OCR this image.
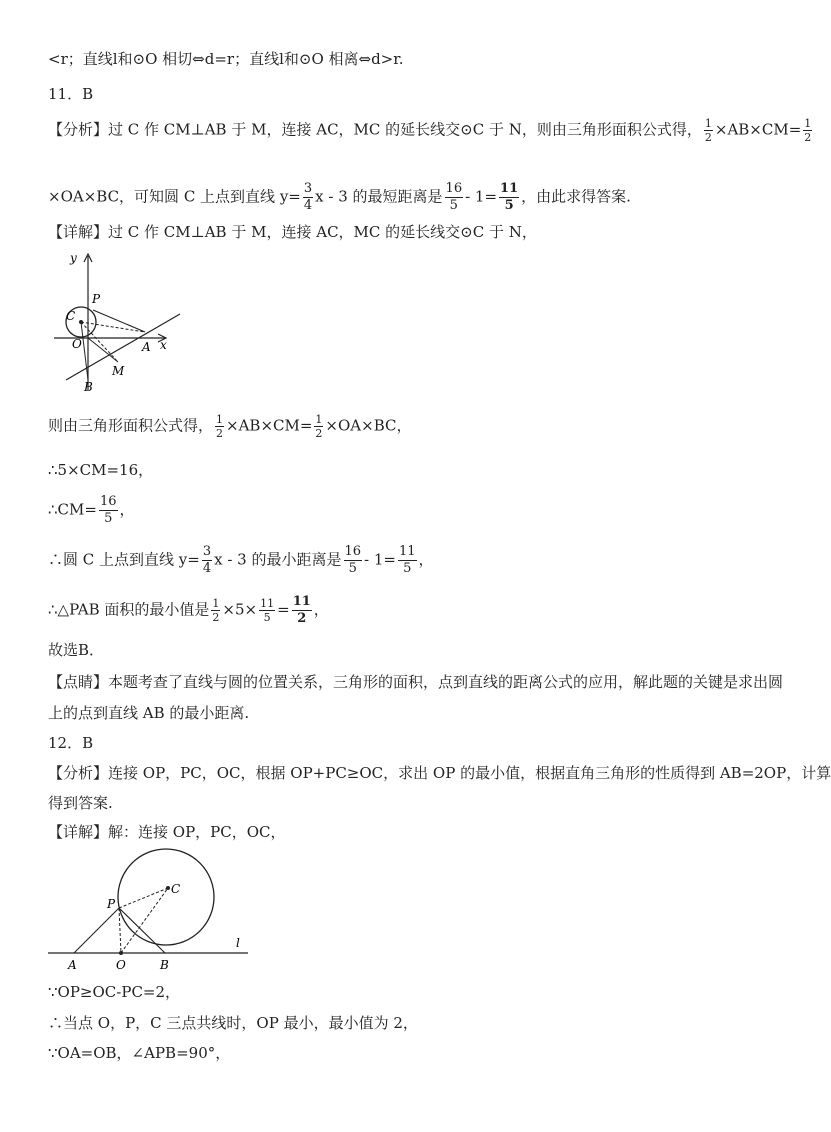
<r；直线l和⊙O 相切⇔d=r；直线l和⊙O 相离⇔d>r.
11．B
【分析】过 C 作 CM⊥AB 于 M，连接 AC，MC 的延长线交⊙C 于 N，则由三角形面积公式得， $\frac{1}{2} \times AB\times CM= \frac{1}{2}$
×OA×BC，可知圆 C 上点到直线 $y= \frac{3}{4}$ x - 3 的最短距离是 $\frac{16}{5} - 1= \frac{11}{5}$ ，由此求得答案.
【详解】过 C 作 CM⊥AB 于 M，连接 AC，MC 的延长线交⊙C 于 N，
y
x
P
C
O	A
M
B
则由三角形面积公式得， $\frac{1}{2} \times AB\times CM= \frac{1}{2} \times OA\times BC$，
∴5×CM=16，
∴CM= $\frac{16}{5}$ ，
∴圆 C 上点到直线 $y= \frac{3}{4}$ x - 3 的最小距离是 $\frac{16}{5} - 1= \frac{11}{5}$ ，
∴△PAB 面积的最小值是 $\frac{1}{2} \times 5\times \frac{11}{5} = \frac{11}{2}$ ，
故选B．
【点睛】本题考查了直线与圆的位置关系，三角形的面积，点到直线的距离公式的应用，解此题的关键是求出圆
上的点到直线 AB 的最小距离.
12．B
【分析】连接 OP，PC，OC，根据 OP+PC≥OC，求出 OP 的最小值，根据直角三角形的性质得到 AB=2OP，计算
得到答案.
【详解】解：连接 OP，PC，OC，
P
C
A	O	B
l
∵OP≥OC-PC=2，
∴当点 O，P，C 三点共线时，OP 最小，最小值为 2，
∵OA=OB，∠APB=90°，
